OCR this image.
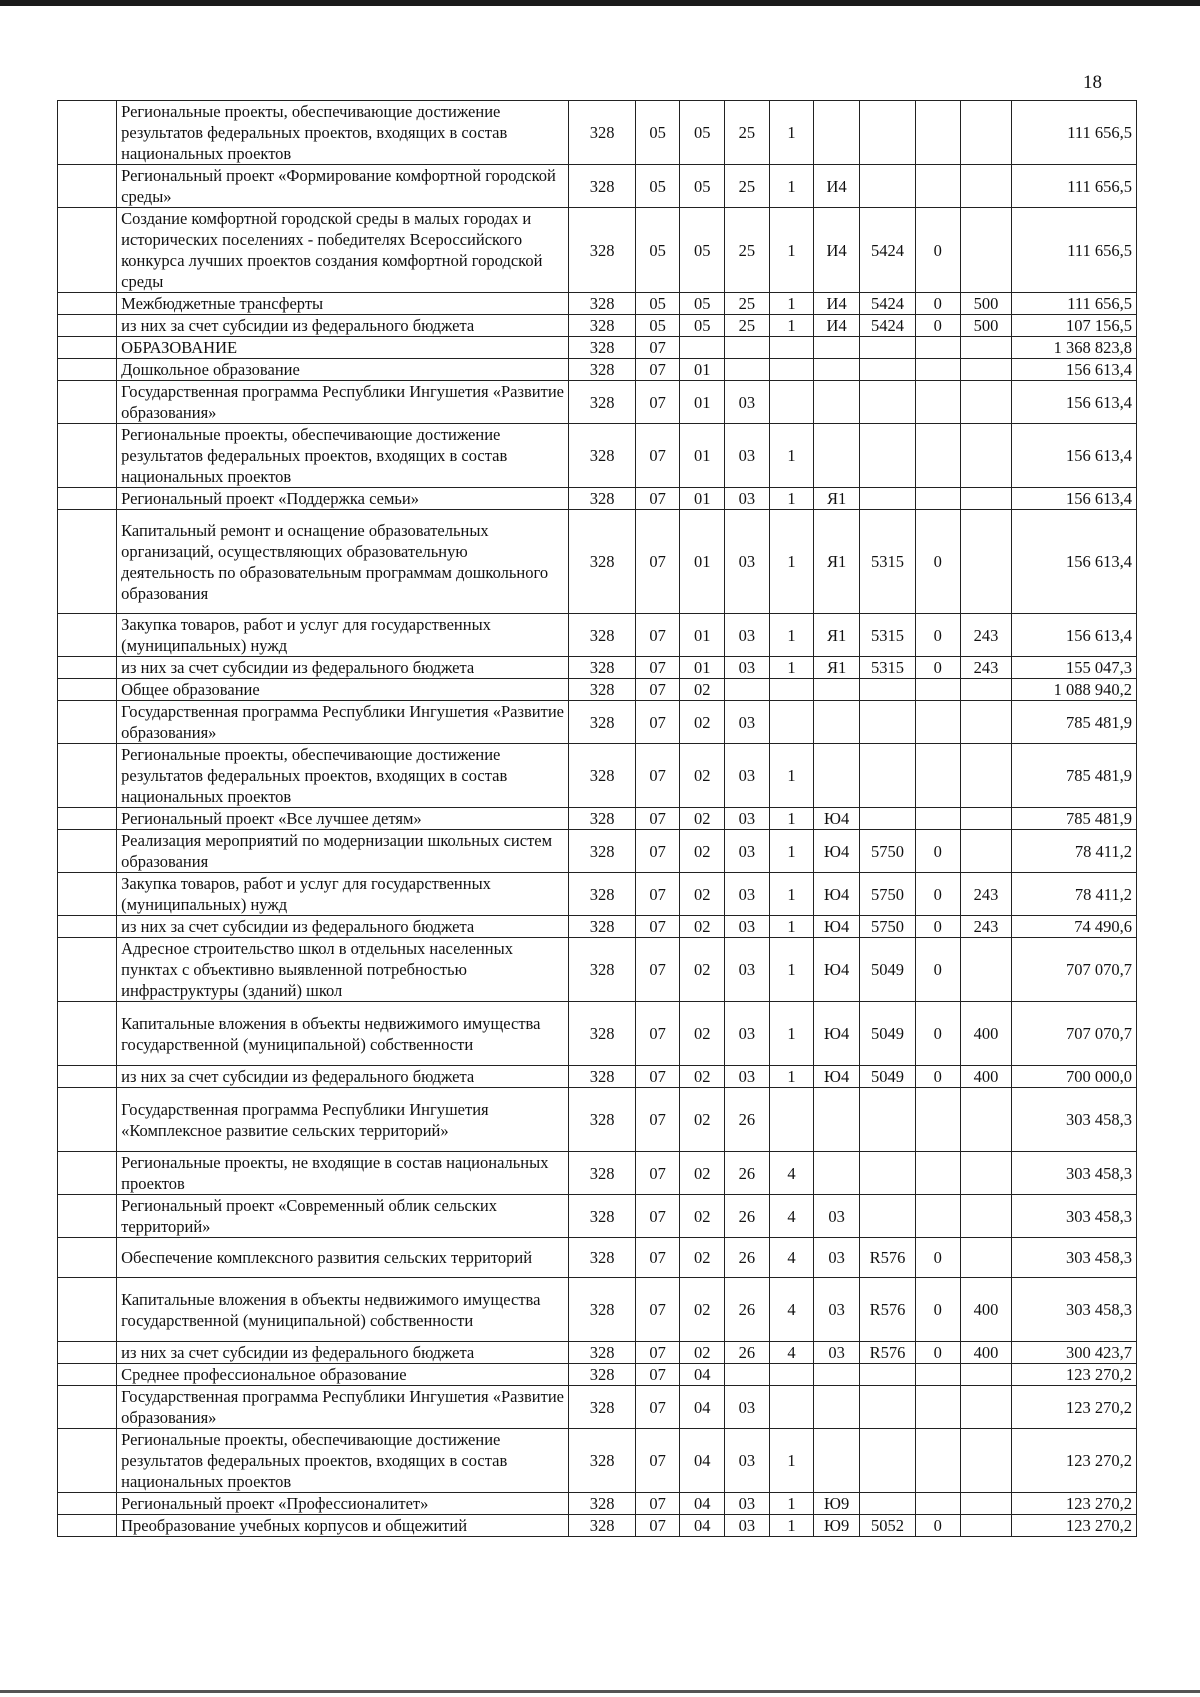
18
	Региональные проекты, обеспечивающие достижение результатов федеральных проектов, входящих в состав национальных проектов	328	05	05	25	1					111 656,5
	Региональный проект «Формирование комфортной городской среды»	328	05	05	25	1	И4				111 656,5
	Создание комфортной городской среды в малых городах и исторических поселениях - победителях Всероссийского конкурса лучших проектов создания комфортной городской среды	328	05	05	25	1	И4	5424	0		111 656,5
	Межбюджетные трансферты	328	05	05	25	1	И4	5424	0	500	111 656,5
	из них за счет субсидии из федерального бюджета	328	05	05	25	1	И4	5424	0	500	107 156,5
	ОБРАЗОВАНИЕ	328	07								1 368 823,8
	Дошкольное образование	328	07	01							156 613,4
	Государственная программа Республики Ингушетия «Развитие образования»	328	07	01	03						156 613,4
	Региональные проекты, обеспечивающие достижение результатов федеральных проектов, входящих в состав национальных проектов	328	07	01	03	1					156 613,4
	Региональный проект «Поддержка семьи»	328	07	01	03	1	Я1				156 613,4
	Капитальный ремонт и оснащение образовательных организаций, осуществляющих образовательную деятельность по образовательным программам дошкольного образования	328	07	01	03	1	Я1	5315	0		156 613,4
	Закупка товаров, работ и услуг для государственных (муниципальных) нужд	328	07	01	03	1	Я1	5315	0	243	156 613,4
	из них за счет субсидии из федерального бюджета	328	07	01	03	1	Я1	5315	0	243	155 047,3
	Общее образование	328	07	02							1 088 940,2
	Государственная программа Республики Ингушетия «Развитие образования»	328	07	02	03						785 481,9
	Региональные проекты, обеспечивающие достижение результатов федеральных проектов, входящих в состав национальных проектов	328	07	02	03	1					785 481,9
	Региональный проект «Все лучшее детям»	328	07	02	03	1	Ю4				785 481,9
	Реализация мероприятий по модернизации школьных систем образования	328	07	02	03	1	Ю4	5750	0		78 411,2
	Закупка товаров, работ и услуг для государственных (муниципальных) нужд	328	07	02	03	1	Ю4	5750	0	243	78 411,2
	из них за счет субсидии из федерального бюджета	328	07	02	03	1	Ю4	5750	0	243	74 490,6
	Адресное строительство школ в отдельных населенных пунктах с объективно выявленной потребностью инфраструктуры (зданий) школ	328	07	02	03	1	Ю4	5049	0		707 070,7
	Капитальные вложения в объекты недвижимого имущества государственной (муниципальной) собственности	328	07	02	03	1	Ю4	5049	0	400	707 070,7
	из них за счет субсидии из федерального бюджета	328	07	02	03	1	Ю4	5049	0	400	700 000,0
	Государственная программа Республики Ингушетия «Комплексное развитие сельских территорий»	328	07	02	26						303 458,3
	Региональные проекты, не входящие в состав национальных проектов	328	07	02	26	4					303 458,3
	Региональный проект «Современный облик сельских территорий»	328	07	02	26	4	03				303 458,3
	Обеспечение комплексного развития сельских территорий	328	07	02	26	4	03	R576	0		303 458,3
	Капитальные вложения в объекты недвижимого имущества государственной (муниципальной) собственности	328	07	02	26	4	03	R576	0	400	303 458,3
	из них за счет субсидии из федерального бюджета	328	07	02	26	4	03	R576	0	400	300 423,7
	Среднее профессиональное образование	328	07	04							123 270,2
	Государственная программа Республики Ингушетия «Развитие образования»	328	07	04	03						123 270,2
	Региональные проекты, обеспечивающие достижение результатов федеральных проектов, входящих в состав национальных проектов	328	07	04	03	1					123 270,2
	Региональный проект «Профессионалитет»	328	07	04	03	1	Ю9				123 270,2
	Преобразование учебных корпусов и общежитий	328	07	04	03	1	Ю9	5052	0		123 270,2
